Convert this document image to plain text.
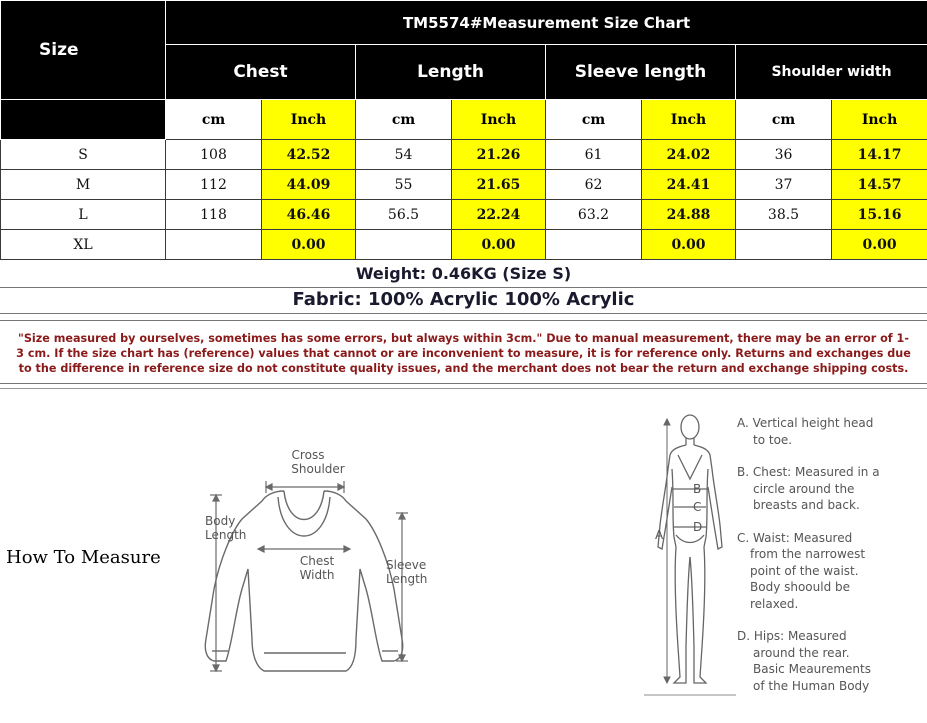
Size	TM5574#Measurement Size Chart							
	Chest		Length		Sleeve length		Shoulder width	
	cm	Inch	cm	Inch	cm	Inch	cm	Inch
S	108	42.52	54	21.26	61	24.02	36	14.17
M	112	44.09	55	21.65	62	24.41	37	14.57
L	118	46.46	56.5	22.24	63.2	24.88	38.5	15.16
XL		0.00		0.00		0.00		0.00
Weight: 0.46KG (Size S)
Fabric: 100% Acrylic 100% Acrylic
"Size measured by ourselves, sometimes has some errors, but always within 3cm." Due to manual measurement, there may be an error of 1-3 cm. If the size chart has (reference) values that cannot or are inconvenient to measure, it is for reference only. Returns and exchanges due to the difference in reference size do not constitute quality issues, and the merchant does not bear the return and exchange shipping costs.
How To Measure
Cross
Shoulder
Body
Length
Chest
Width
Sleeve
Length
A
B
C
D
A. Vertical height head
to toe.
B. Chest: Measured in a
circle around the
breasts and back.
C. Waist: Measured
from the narrowest
point of the waist.
Body shoould be
relaxed.
D. Hips: Measured
around the rear.
Basic Meaurements
of the Human Body
